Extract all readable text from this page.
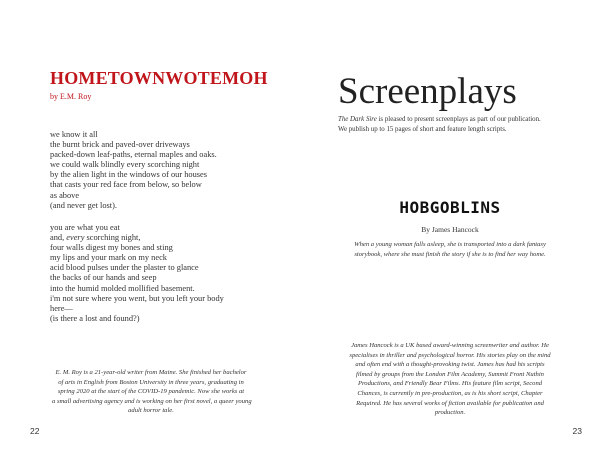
HOMETOWNWOTEMOH
by E.M. Roy
we know it all
the burnt brick and paved-over driveways
packed-down leaf-paths, eternal maples and oaks.
we could walk blindly every scorching night
by the alien light in the windows of our houses
that casts your red face from below, so below
as above
(and never get lost).
you are what you eat
and, every scorching night,
four walls digest my bones and sting
my lips and your mark on my neck
acid blood pulses under the plaster to glance
the backs of our hands and seep
into the humid molded mollified basement.
i'm not sure where you went, but you left your body
here—
(is there a lost and found?)
E. M. Roy is a 21-year-old writer from Maine. She finished her bachelor
of arts in English from Boston University in three years, graduating in
spring 2020 at the start of the COVID-19 pandemic. Now she works at
a small advertising agency and is working on her first novel, a queer young
adult horror tale.
22
Screenplays
The Dark Sire is pleased to present screenplays as part of our publication.
We publish up to 15 pages of short and feature length scripts.
HOBGOBLINS
By James Hancock
When a young woman falls asleep, she is transported into a dark fantasy
storybook, where she must finish the story if she is to find her way home.
James Hancock is a UK based award-winning screenwriter and author. He
specialises in thriller and psychological horror. His stories play on the mind
and often end with a thought-provoking twist. James has had his scripts
filmed by groups from the London Film Academy, Summit Front Nuthin
Productions, and Friendly Bear Films. His feature film script, Second
Chances, is currently in pre-production, as is his short script, Chapter
Required. He has several works of fiction available for publication and
production.
23
